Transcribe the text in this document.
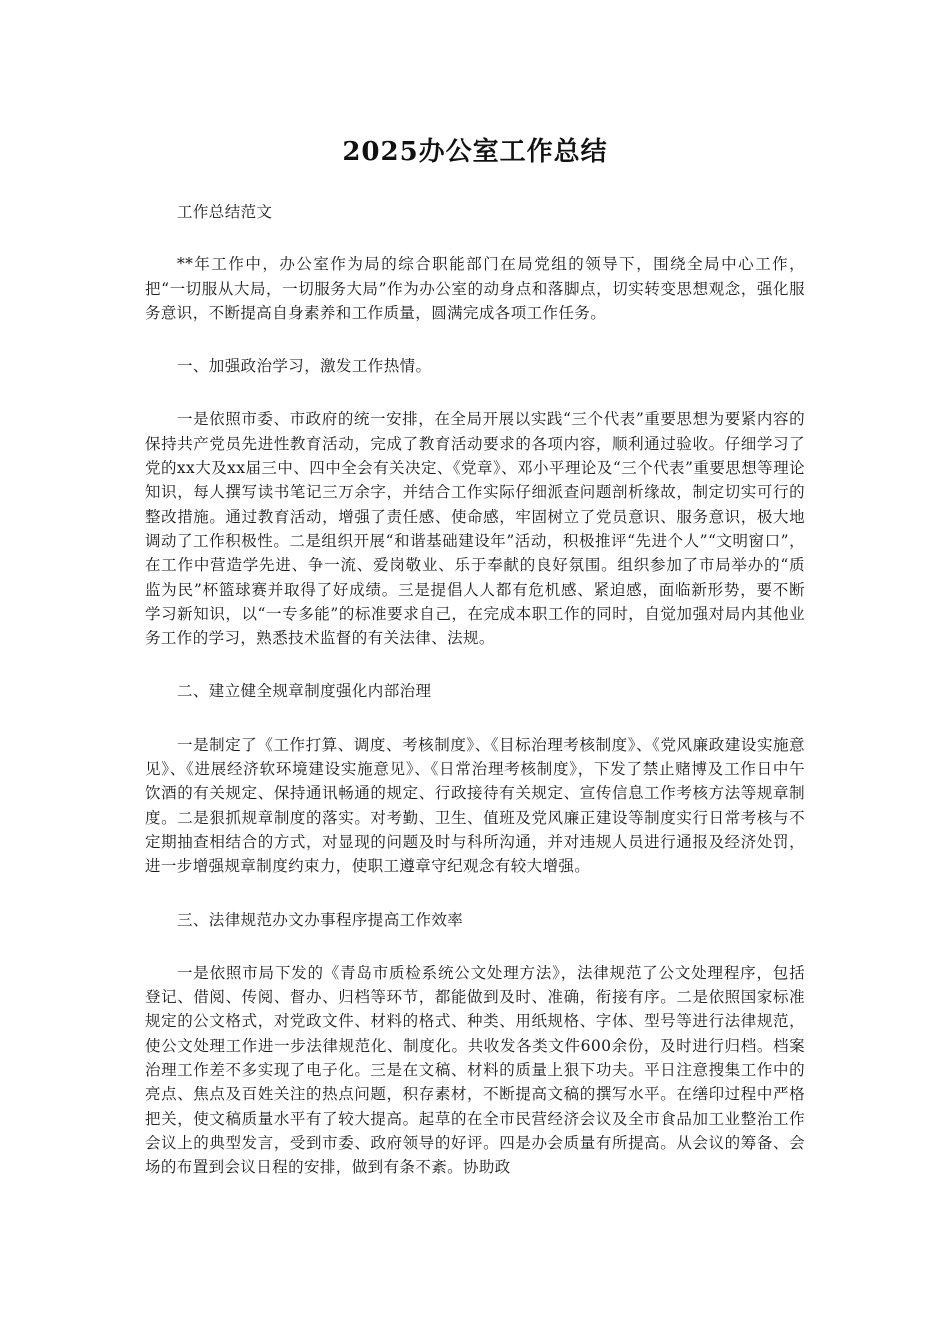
2025办公室工作总结

工作总结范文

**年工作中，办公室作为局的综合职能部门在局党组的领导下，围绕全局中心工作，把“一切服从大局，一切服务大局”作为办公室的动身点和落脚点，切实转变思想观念，强化服务意识，不断提高自身素养和工作质量，圆满完成各项工作任务。

一、加强政治学习，激发工作热情。

一是依照市委、市政府的统一安排，在全局开展以实践“三个代表”重要思想为要紧内容的保持共产党员先进性教育活动，完成了教育活动要求的各项内容，顺利通过验收。仔细学习了党的xx大及xx届三中、四中全会有关决定、《党章》、邓小平理论及“三个代表”重要思想等理论知识，每人撰写读书笔记三万余字，并结合工作实际仔细派查问题剖析缘故，制定切实可行的整改措施。通过教育活动，增强了责任感、使命感，牢固树立了党员意识、服务意识，极大地调动了工作积极性。二是组织开展“和谐基础建设年”活动，积极推评“先进个人”“文明窗口”，在工作中营造学先进、争一流、爱岗敬业、乐于奉献的良好氛围。组织参加了市局举办的“质监为民”杯篮球赛并取得了好成绩。三是提倡人人都有危机感、紧迫感，面临新形势，要不断学习新知识，以“一专多能”的标准要求自己，在完成本职工作的同时，自觉加强对局内其他业务工作的学习，熟悉技术监督的有关法律、法规。

二、建立健全规章制度强化内部治理

一是制定了《工作打算、调度、考核制度》、《目标治理考核制度》、《党风廉政建设实施意见》、《进展经济软环境建设实施意见》、《日常治理考核制度》，下发了禁止赌博及工作日中午饮酒的有关规定、保持通讯畅通的规定、行政接待有关规定、宣传信息工作考核方法等规章制度。二是狠抓规章制度的落实。对考勤、卫生、值班及党风廉正建设等制度实行日常考核与不定期抽查相结合的方式，对显现的问题及时与科所沟通，并对违规人员进行通报及经济处罚，进一步增强规章制度约束力，使职工遵章守纪观念有较大增强。

三、法律规范办文办事程序提高工作效率

一是依照市局下发的《青岛市质检系统公文处理方法》，法律规范了公文处理程序，包括登记、借阅、传阅、督办、归档等环节，都能做到及时、准确，衔接有序。二是依照国家标准规定的公文格式，对党政文件、材料的格式、种类、用纸规格、字体、型号等进行法律规范，使公文处理工作进一步法律规范化、制度化。共收发各类文件600余份，及时进行归档。档案治理工作差不多实现了电子化。三是在文稿、材料的质量上狠下功夫。平日注意搜集工作中的亮点、焦点及百姓关注的热点问题，积存素材，不断提高文稿的撰写水平。在缮印过程中严格把关，使文稿质量水平有了较大提高。起草的在全市民营经济会议及全市食品加工业整治工作会议上的典型发言，受到市委、政府领导的好评。四是办会质量有所提高。从会议的筹备、会场的布置到会议日程的安排，做到有条不紊。协助政
